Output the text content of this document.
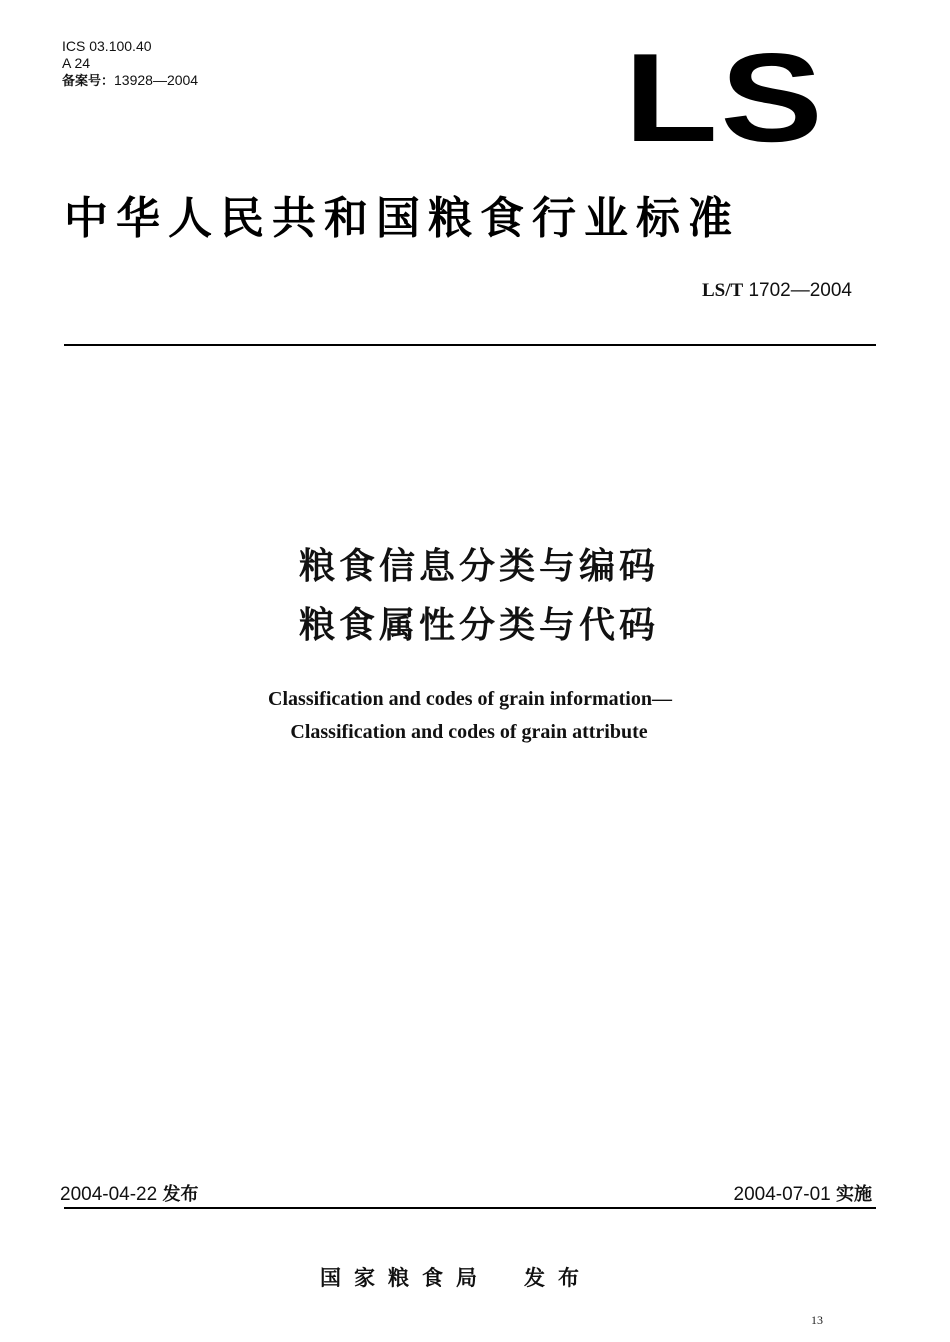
ICS 03.100.40
A 24
备案号：13928—2004	LS
中华人民共和国粮食行业标准
LS/T 1702—2004
粮食信息分类与编码
粮食属性分类与代码
Classification and codes of grain information—
Classification and codes of grain attribute
2004-04-22 发布	2004-07-01 实施
国家粮食局 发布
13
